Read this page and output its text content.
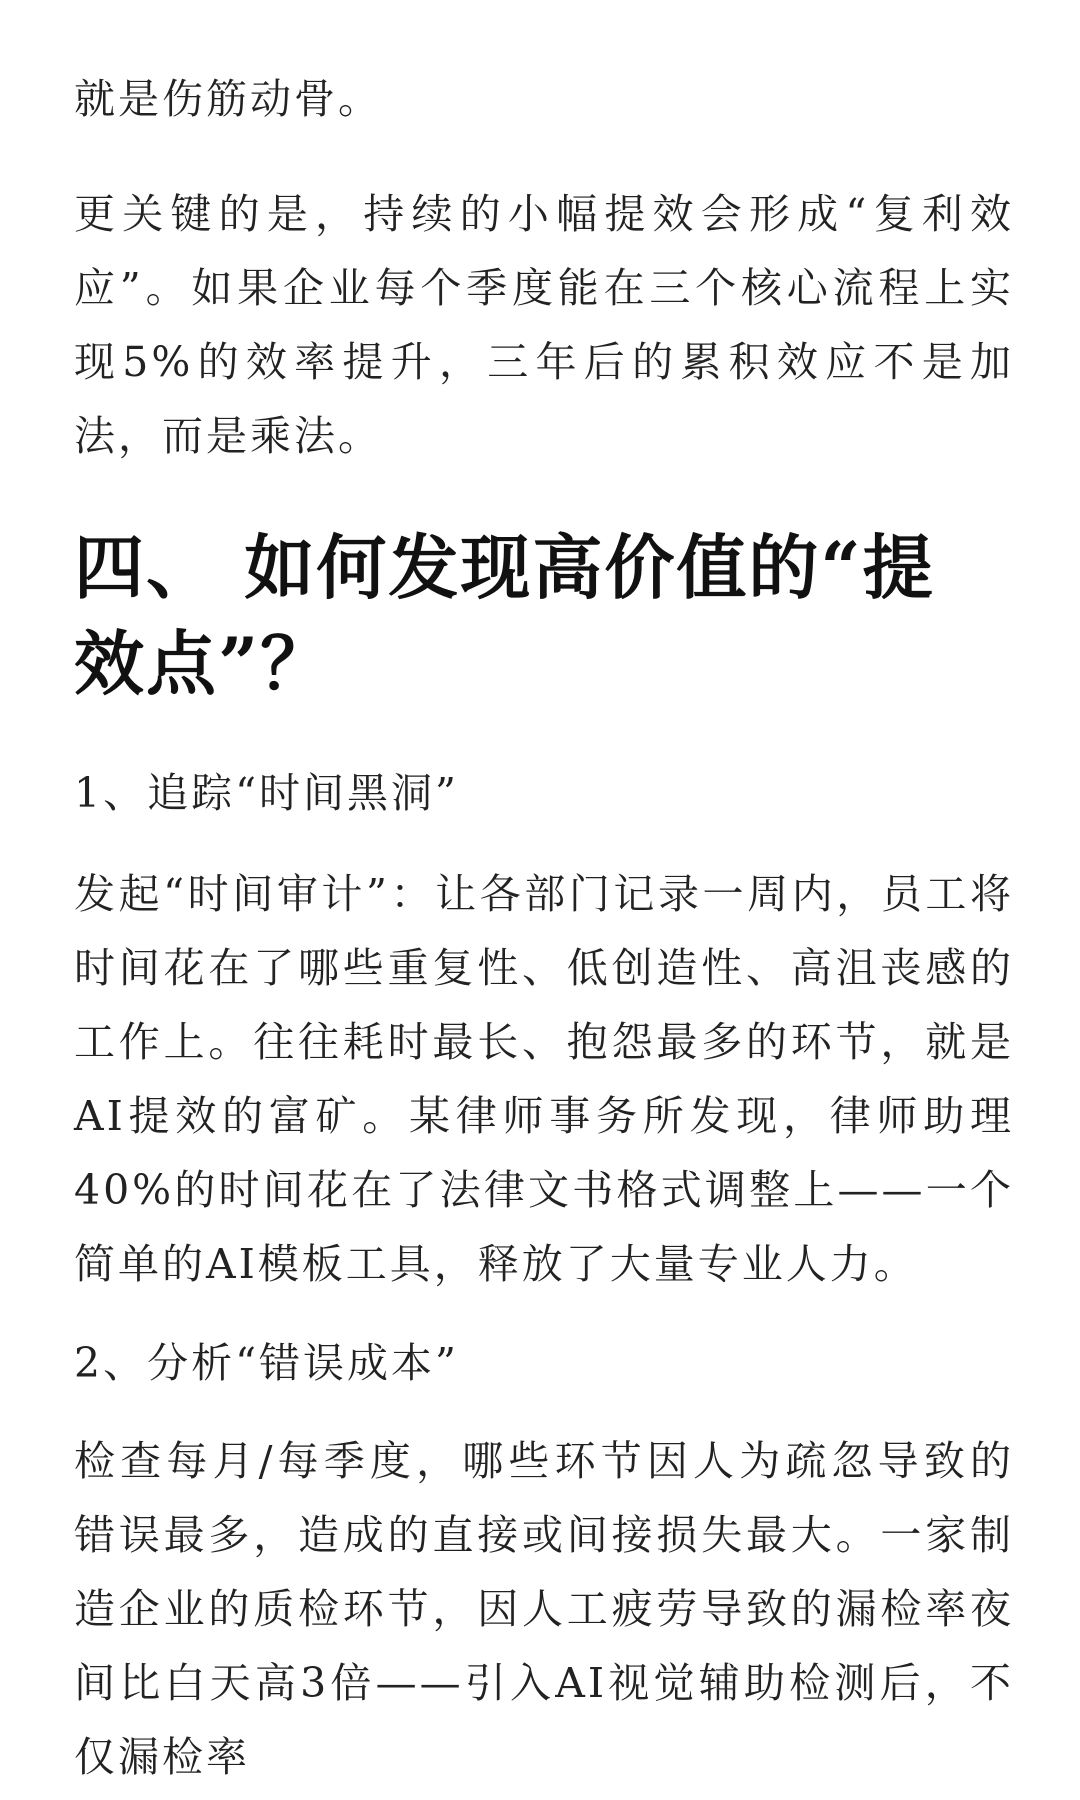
就是伤筋动骨。

更关键的是，持续的小幅提效会形成“复利效应”。如果企业每个季度能在三个核心流程上实现5%的效率提升，三年后的累积效应不是加法，而是乘法。

四、 如何发现高价值的“提效点”？

1、追踪“时间黑洞”

发起“时间审计”：让各部门记录一周内，员工将时间花在了哪些重复性、低创造性、高沮丧感的工作上。往往耗时最长、抱怨最多的环节，就是AI提效的富矿。某律师事务所发现，律师助理40%的时间花在了法律文书格式调整上——一个简单的AI模板工具，释放了大量专业人力。

2、分析“错误成本”

检查每月/每季度，哪些环节因人为疏忽导致的错误最多，造成的直接或间接损失最大。一家制造企业的质检环节，因人工疲劳导致的漏检率夜间比白天高3倍——引入AI视觉辅助检测后，不仅漏检率
